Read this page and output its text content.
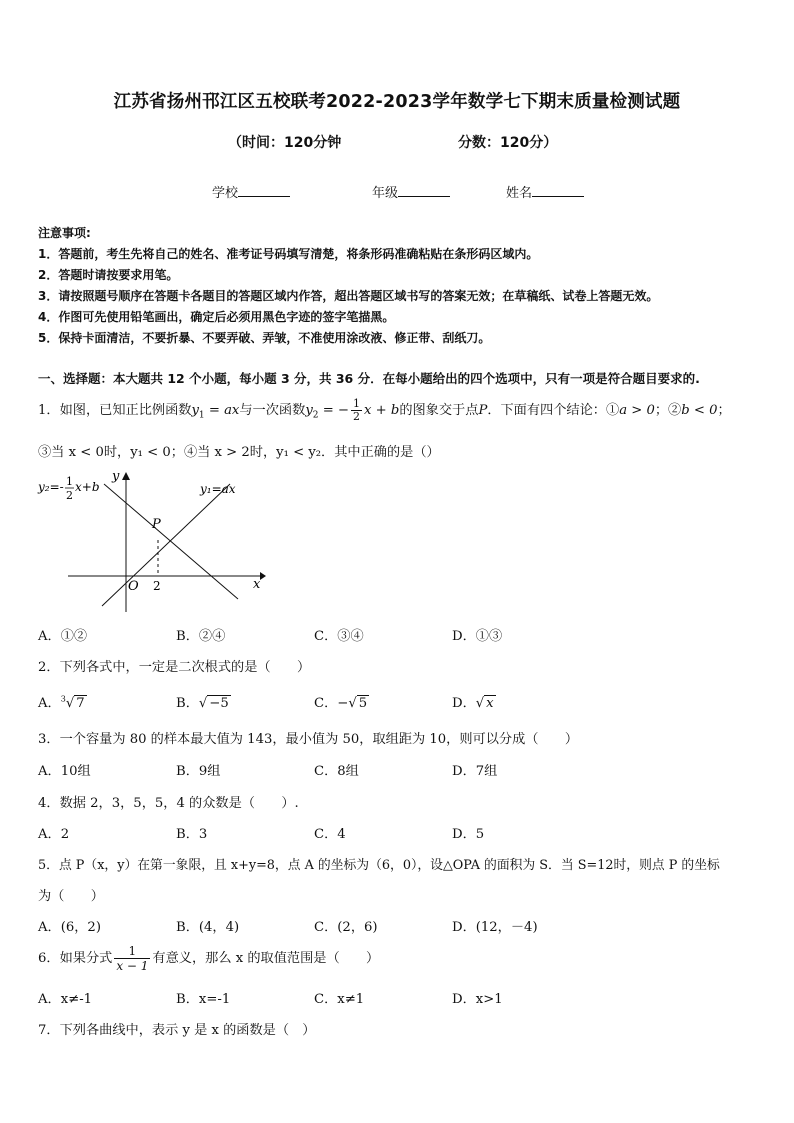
江苏省扬州邗江区五校联考2022-2023学年数学七下期末质量检测试题
（时间：120分钟	分数：120分）
学校	年级	姓名
注意事项:
1．答题前，考生先将自己的姓名、准考证号码填写清楚，将条形码准确粘贴在条形码区域内。
2．答题时请按要求用笔。
3．请按照题号顺序在答题卡各题目的答题区域内作答，超出答题区域书写的答案无效；在草稿纸、试卷上答题无效。
4．作图可先使用铅笔画出，确定后必须用黑色字迹的签字笔描黑。
5．保持卡面清洁，不要折暴、不要弄破、弄皱，不准使用涂改液、修正带、刮纸刀。
一、选择题：本大题共 12 个小题，每小题 3 分，共 36 分．在每小题给出的四个选项中，只有一项是符合题目要求的.
1．如图，已知正比例函数$y_1$ = ax与一次函数$y_2$ = − $\frac{1}{2}$ x + b的图象交于点P．下面有四个结论：①a > 0；②b < 0；
③当 x < 0时，y₁ < 0；④当 x > 2时，y₁ < y₂．其中正确的是（）
y₂=- 1
2
x+b	y₁=ax
y
x
O 2
P
A．①②	B．②④	C．③④	D．①③
2．下列各式中，一定是二次根式的是（　　）
A．$^3$√ 7	B．√ −5	C．−√ 5	D．√ x
3．一个容量为 80 的样本最大值为 143，最小值为 50，取组距为 10，则可以分成（　　）
A．10组	B．9组	C．8组	D．7组
4．数据 2，3，5，5，4 的众数是（　　）.
A．2	B．3	C．4	D．5
5．点 P（x，y）在第一象限，且 x+y=8，点 A 的坐标为（6，0），设△OPA 的面积为 S．当 S=12时，则点 P 的坐标
为（　　）
A．(6，2)	B．(4，4)	C．(2，6)	D．(12，－4)
6．如果分式 $\frac{1}{x - 1}$ 有意义，那么 x 的取值范围是（　　）
A．x≠-1	B．x=-1	C．x≠1	D．x>1
7．下列各曲线中，表示 y 是 x 的函数是（　）
